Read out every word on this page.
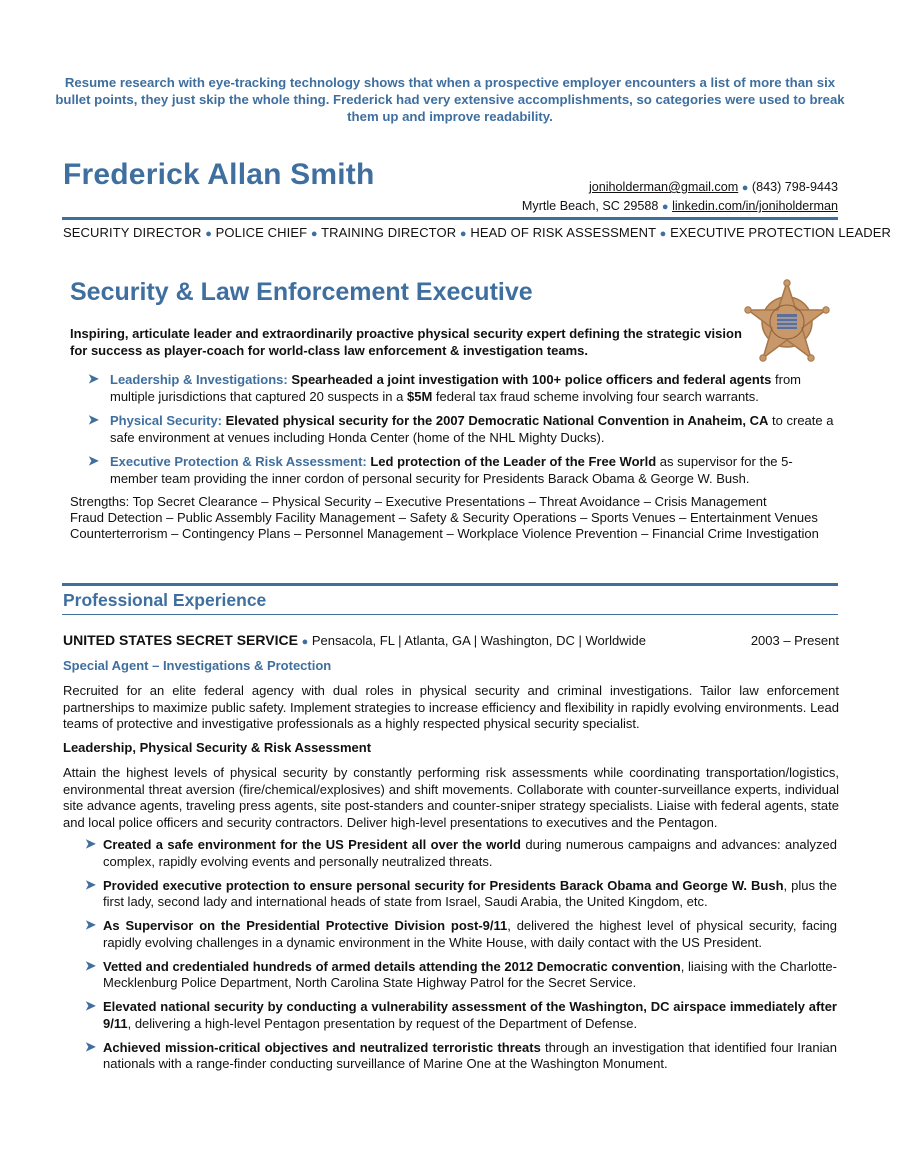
Resume research with eye-tracking technology shows that when a prospective employer encounters a list of more than six bullet points, they just skip the whole thing. Frederick had very extensive accomplishments, so categories were used to break them up and improve readability.
Frederick Allan Smith	joniholderman@gmail.com ● (843) 798-9443
Myrtle Beach, SC 29588 ● linkedin.com/in/joniholderman
SECURITY DIRECTOR ● POLICE CHIEF ● TRAINING DIRECTOR ● HEAD OF RISK ASSESSMENT ● EXECUTIVE PROTECTION LEADER
Security & Law Enforcement Executive
Inspiring, articulate leader and extraordinarily proactive physical security expert defining the strategic vision for success as player-coach for world-class law enforcement & investigation teams.
➤ Leadership & Investigations: Spearheaded a joint investigation with 100+ police officers and federal agents from multiple jurisdictions that captured 20 suspects in a $5M federal tax fraud scheme involving four search warrants.
➤ Physical Security: Elevated physical security for the 2007 Democratic National Convention in Anaheim, CA to create a safe environment at venues including Honda Center (home of the NHL Mighty Ducks).
➤ Executive Protection & Risk Assessment: Led protection of the Leader of the Free World as supervisor for the 5-member team providing the inner cordon of personal security for Presidents Barack Obama & George W. Bush.
Strengths: Top Secret Clearance – Physical Security – Executive Presentations – Threat Avoidance – Crisis Management
Fraud Detection – Public Assembly Facility Management – Safety & Security Operations – Sports Venues – Entertainment Venues
Counterterrorism – Contingency Plans – Personnel Management – Workplace Violence Prevention – Financial Crime Investigation
Professional Experience
UNITED STATES SECRET SERVICE ● Pensacola, FL | Atlanta, GA | Washington, DC | Worldwide	2003 – Present
Special Agent – Investigations & Protection
Recruited for an elite federal agency with dual roles in physical security and criminal investigations. Tailor law enforcement partnerships to maximize public safety. Implement strategies to increase efficiency and flexibility in rapidly evolving environments. Lead teams of protective and investigative professionals as a highly respected physical security specialist.
Leadership, Physical Security & Risk Assessment
Attain the highest levels of physical security by constantly performing risk assessments while coordinating transportation/logistics, environmental threat aversion (fire/chemical/explosives) and shift movements. Collaborate with counter-surveillance experts, individual site advance agents, traveling press agents, site post-standers and counter-sniper strategy specialists. Liaise with federal agents, state and local police officers and security contractors. Deliver high-level presentations to executives and the Pentagon.
➤ Created a safe environment for the US President all over the world during numerous campaigns and advances: analyzed complex, rapidly evolving events and personally neutralized threats.
➤ Provided executive protection to ensure personal security for Presidents Barack Obama and George W. Bush, plus the first lady, second lady and international heads of state from Israel, Saudi Arabia, the United Kingdom, etc.
➤ As Supervisor on the Presidential Protective Division post-9/11, delivered the highest level of physical security, facing rapidly evolving challenges in a dynamic environment in the White House, with daily contact with the US President.
➤ Vetted and credentialed hundreds of armed details attending the 2012 Democratic convention, liaising with the Charlotte-Mecklenburg Police Department, North Carolina State Highway Patrol for the Secret Service.
➤ Elevated national security by conducting a vulnerability assessment of the Washington, DC airspace immediately after 9/11, delivering a high-level Pentagon presentation by request of the Department of Defense.
➤ Achieved mission-critical objectives and neutralized terroristic threats through an investigation that identified four Iranian nationals with a range-finder conducting surveillance of Marine One at the Washington Monument.
